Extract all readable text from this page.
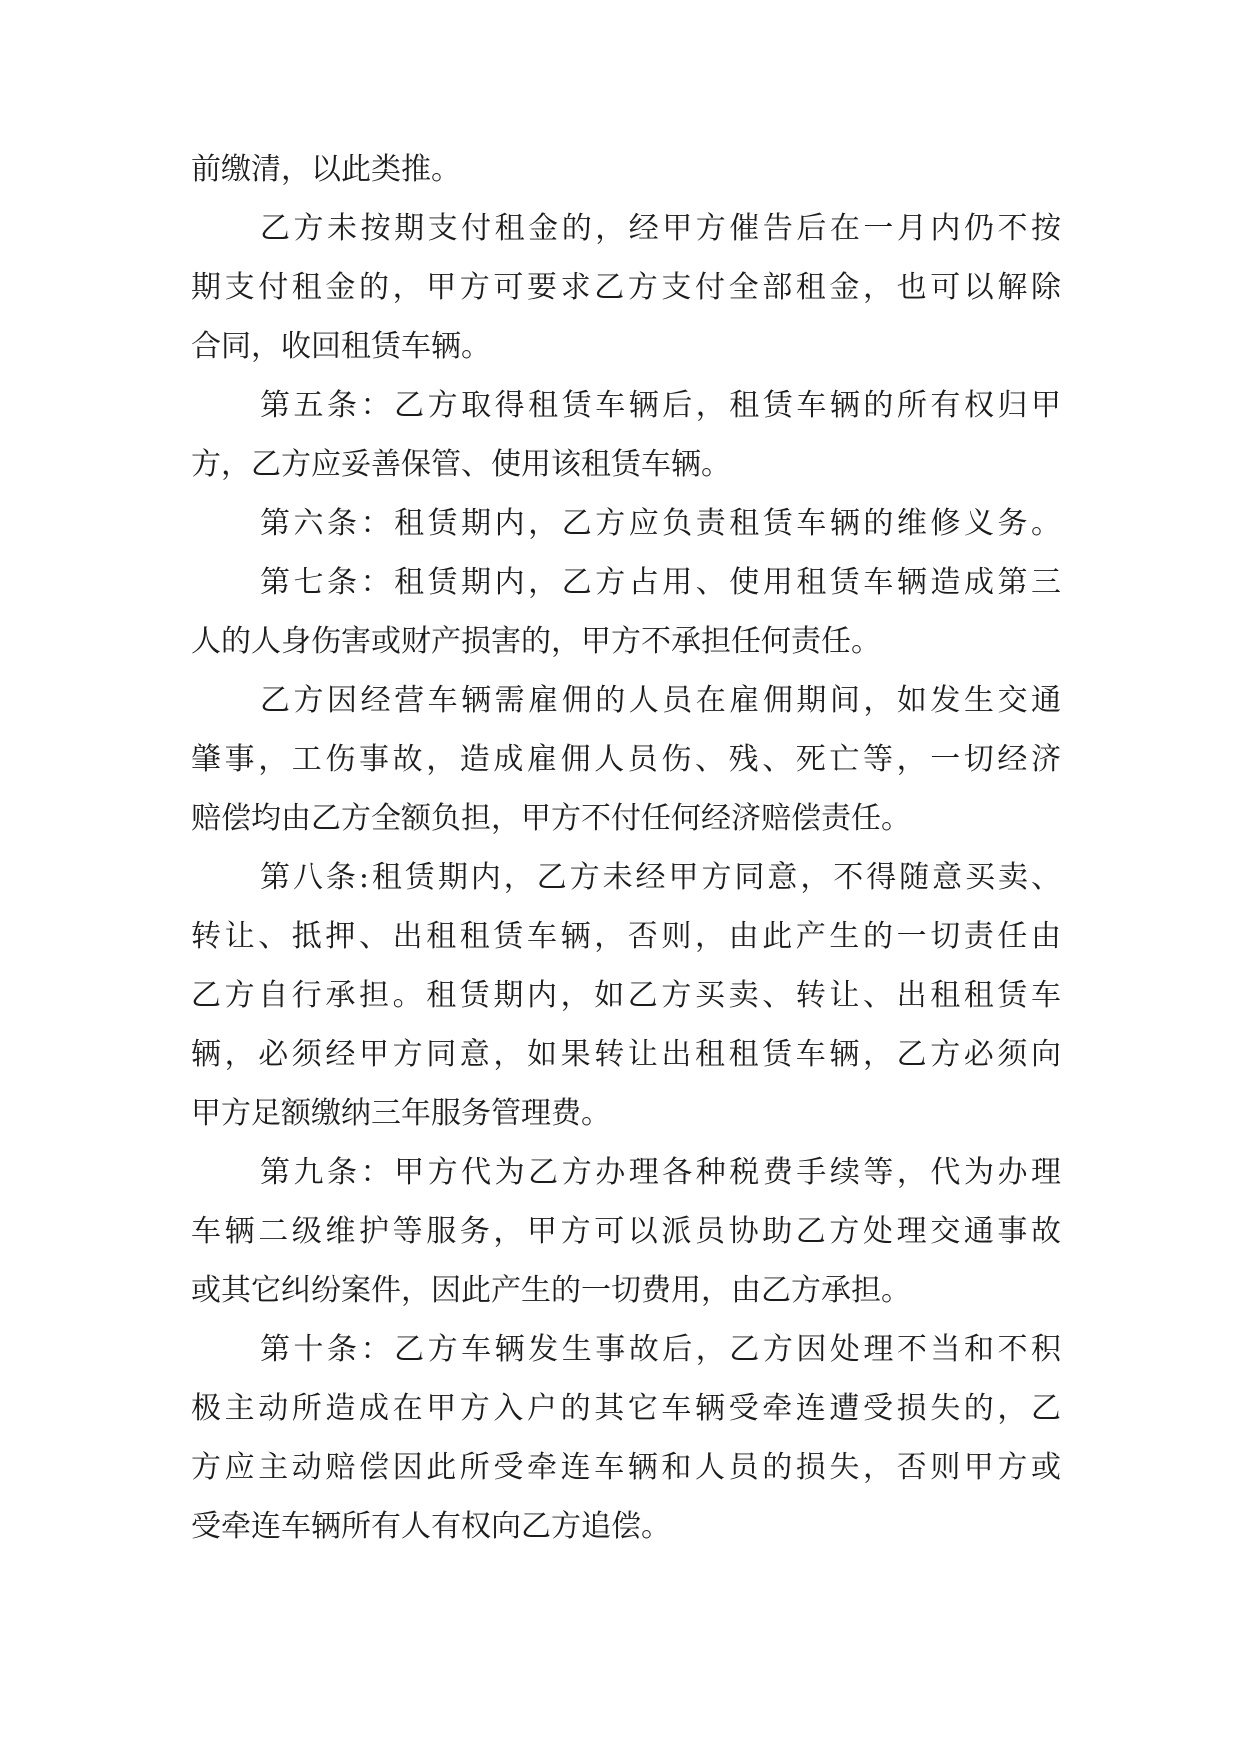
前缴清，以此类推。
乙方未按期支付租金的，经甲方催告后在一月内仍不按
期支付租金的，甲方可要求乙方支付全部租金，也可以解除
合同，收回租赁车辆。
第五条：乙方取得租赁车辆后，租赁车辆的所有权归甲
方，乙方应妥善保管、使用该租赁车辆。
第六条：租赁期内，乙方应负责租赁车辆的维修义务。
第七条：租赁期内，乙方占用、使用租赁车辆造成第三
人的人身伤害或财产损害的，甲方不承担任何责任。
乙方因经营车辆需雇佣的人员在雇佣期间，如发生交通
肇事，工伤事故，造成雇佣人员伤、残、死亡等，一切经济
赔偿均由乙方全额负担，甲方不付任何经济赔偿责任。
第八条:租赁期内，乙方未经甲方同意，不得随意买卖、
转让、抵押、出租租赁车辆，否则，由此产生的一切责任由
乙方自行承担。租赁期内，如乙方买卖、转让、出租租赁车
辆，必须经甲方同意，如果转让出租租赁车辆，乙方必须向
甲方足额缴纳三年服务管理费。
第九条：甲方代为乙方办理各种税费手续等，代为办理
车辆二级维护等服务，甲方可以派员协助乙方处理交通事故
或其它纠纷案件，因此产生的一切费用，由乙方承担。
第十条：乙方车辆发生事故后，乙方因处理不当和不积
极主动所造成在甲方入户的其它车辆受牵连遭受损失的，乙
方应主动赔偿因此所受牵连车辆和人员的损失，否则甲方或
受牵连车辆所有人有权向乙方追偿。
